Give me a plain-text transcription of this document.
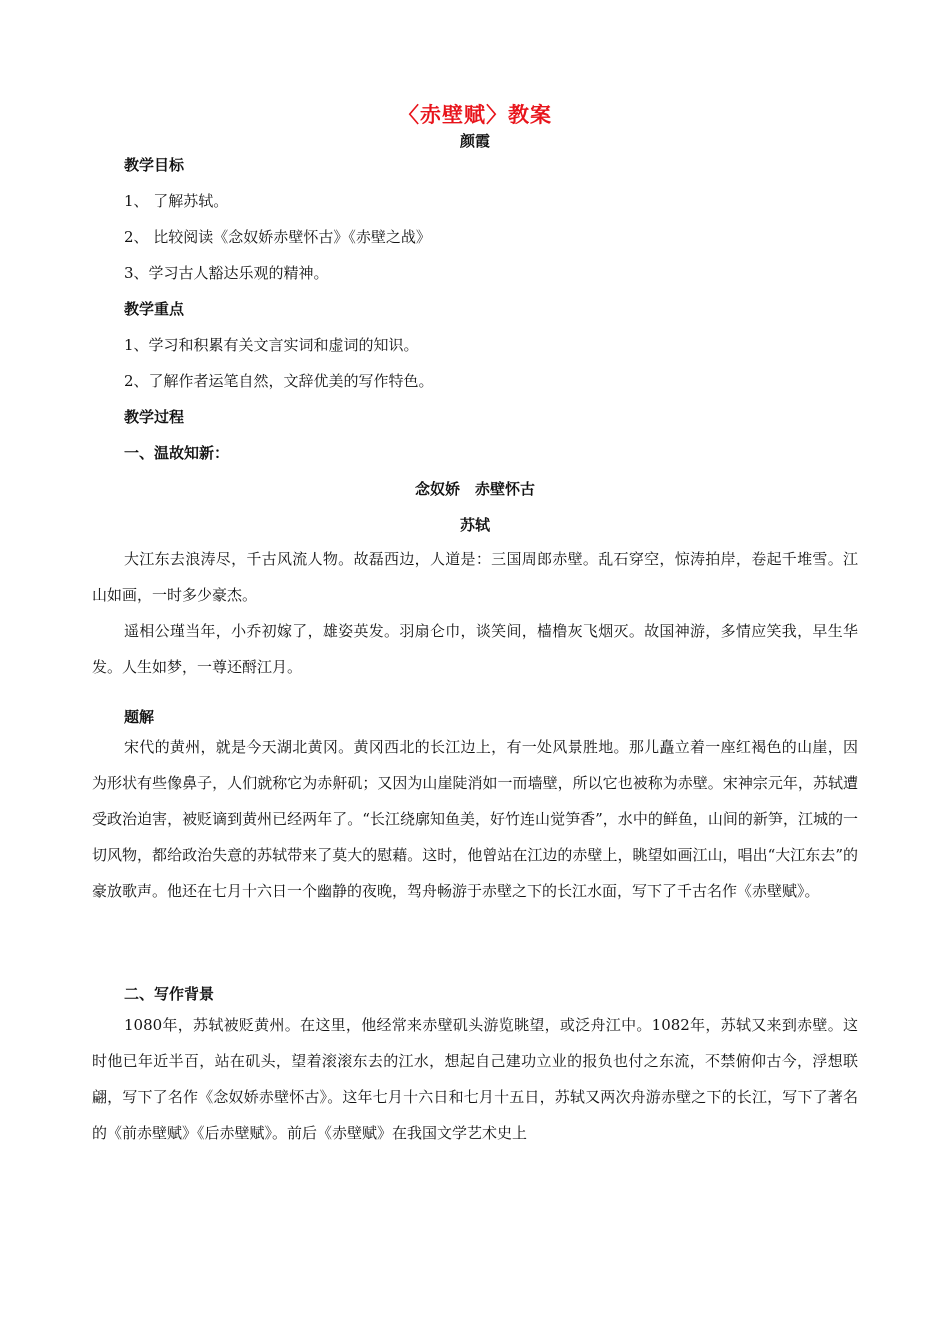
〈赤壁赋〉教案
颜霞
教学目标
1、 了解苏轼。
2、 比较阅读《念奴娇赤壁怀古》《赤壁之战》
3、学习古人豁达乐观的精神。
教学重点
1、学习和积累有关文言实词和虚词的知识。
2、了解作者运笔自然，文辞优美的写作特色。
教学过程
一、温故知新：
念奴娇　赤壁怀古
苏轼

大江东去浪涛尽，千古风流人物。故磊西边，人道是：三国周郎赤壁。乱石穿空，惊涛拍岸，卷起千堆雪。江山如画，一时多少豪杰。

遥相公瑾当年，小乔初嫁了，雄姿英发。羽扇仑巾，谈笑间，樯橹灰飞烟灭。故国神游，多情应笑我，早生华发。人生如梦，一尊还酹江月。

题解

宋代的黄州，就是今天湖北黄冈。黄冈西北的长江边上，有一处风景胜地。那儿矗立着一座红褐色的山崖，因为形状有些像鼻子，人们就称它为赤鼾矶；又因为山崖陡消如一而墙壁，所以它也被称为赤壁。宋神宗元年，苏轼遭受政治迫害，被贬谪到黄州已经两年了。“长江绕廓知鱼美，好竹连山觉笋香”，水中的鲜鱼，山间的新笋，江城的一切风物，都给政治失意的苏轼带来了莫大的慰藉。这时，他曾站在江边的赤壁上，眺望如画江山，唱出“大江东去”的豪放歌声。他还在七月十六日一个幽静的夜晚，驾舟畅游于赤壁之下的长江水面，写下了千古名作《赤壁赋》。

二、写作背景

1080年，苏轼被贬黄州。在这里，他经常来赤壁矶头游览眺望，或泛舟江中。1082年，苏轼又来到赤壁。这时他已年近半百，站在矶头，望着滚滚东去的江水，想起自己建功立业的报负也付之东流，不禁俯仰古今，浮想联翩，写下了名作《念奴娇赤壁怀古》。这年七月十六日和七月十五日，苏轼又两次舟游赤壁之下的长江，写下了著名的《前赤壁赋》《后赤壁赋》。前后《赤壁赋》在我国文学艺术史上
